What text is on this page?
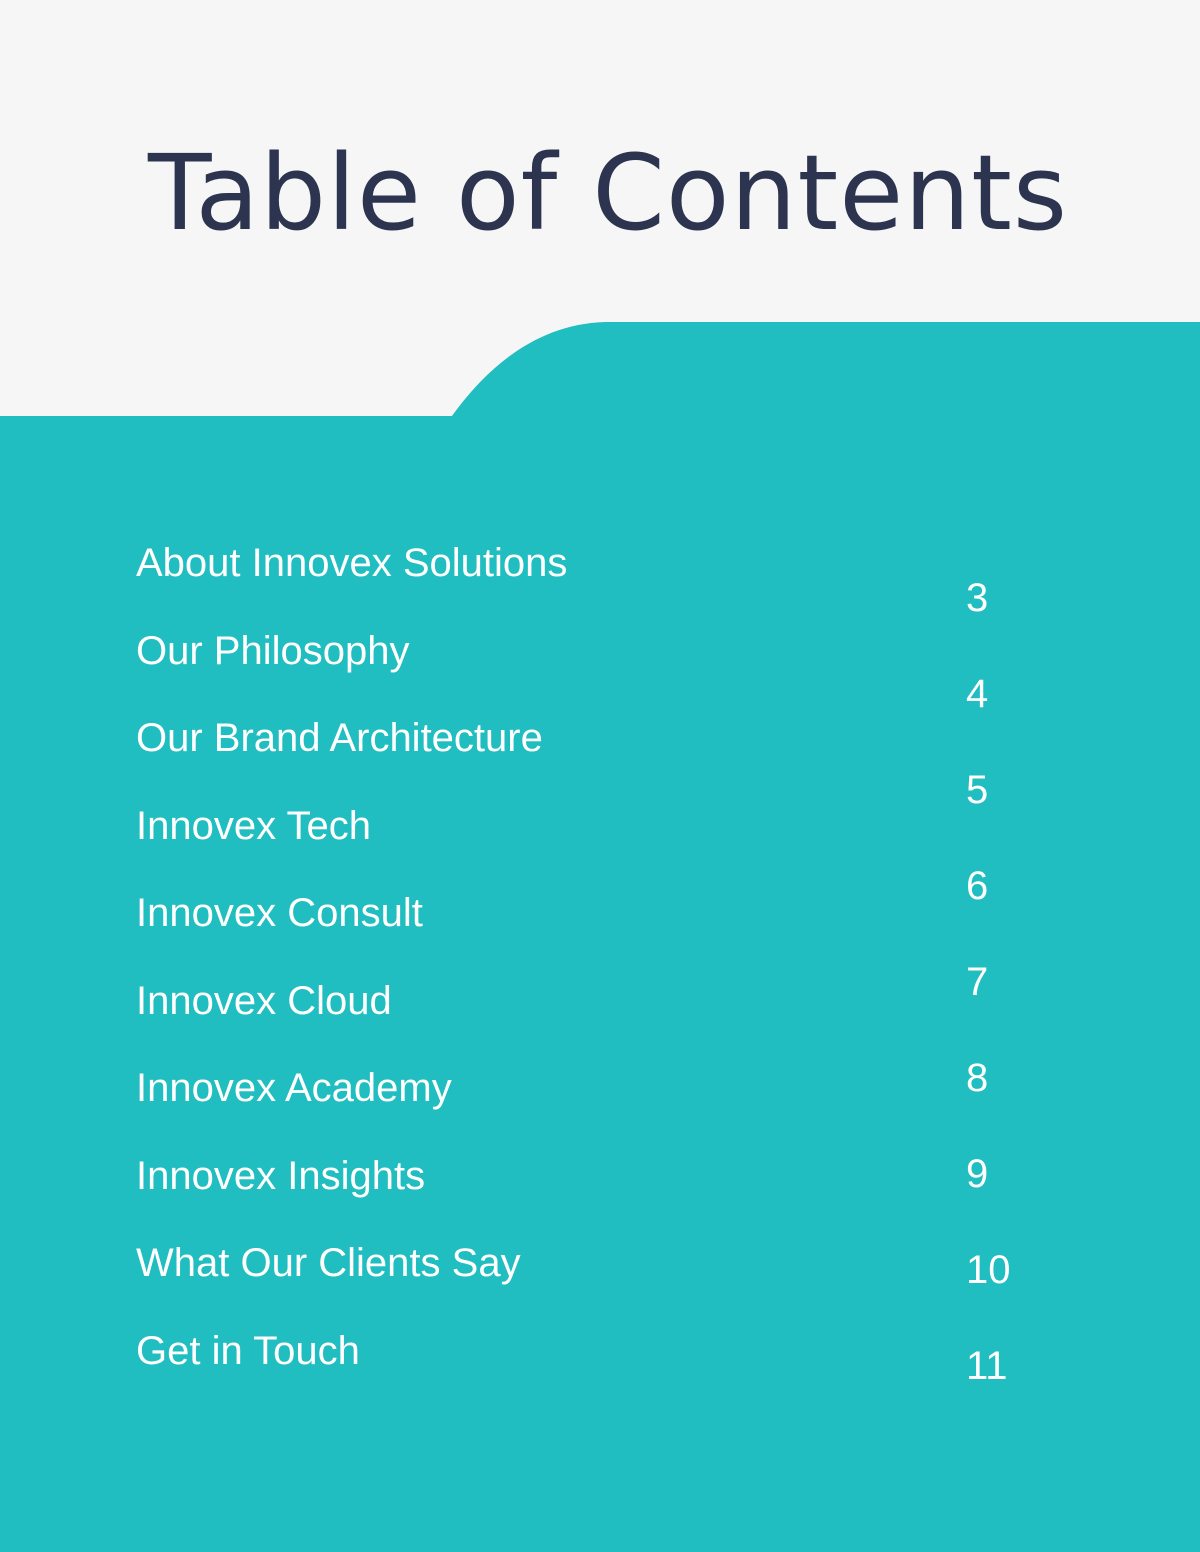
Table of Contents
About Innovex Solutions
Our Philosophy
Our Brand Architecture
Innovex Tech
Innovex Consult
Innovex Cloud
Innovex Academy
Innovex Insights
What Our Clients Say
Get in Touch
3
4
5
6
7
8
9
10
11
